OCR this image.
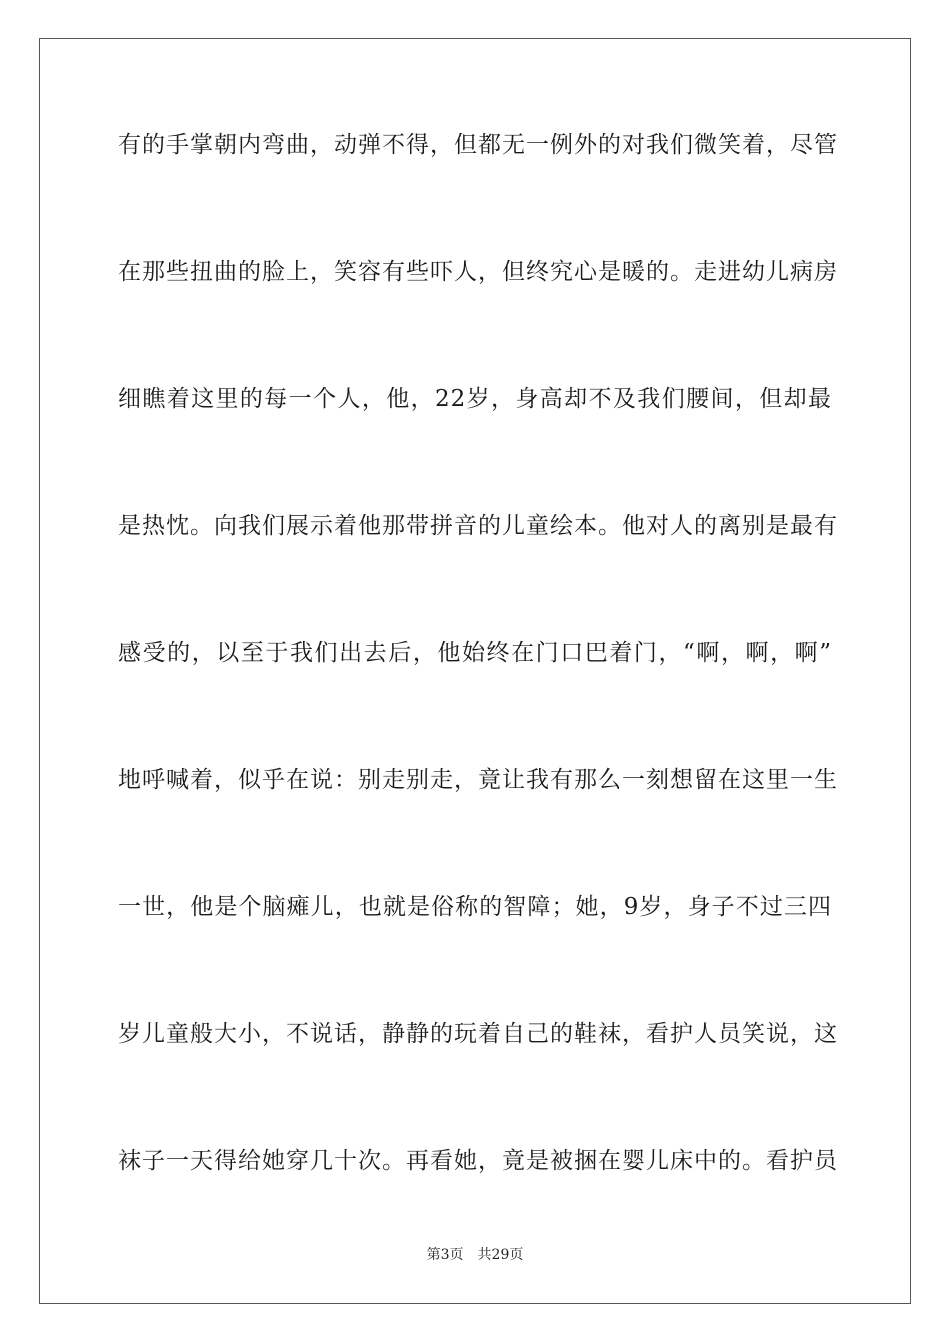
有的手掌朝内弯曲，动弹不得，但都无一例外的对我们微笑着，尽管
在那些扭曲的脸上，笑容有些吓人，但终究心是暖的。走进幼儿病房
细瞧着这里的每一个人，他，22岁，身高却不及我们腰间，但却最
是热忱。向我们展示着他那带拼音的儿童绘本。他对人的离别是最有
感受的，以至于我们出去后，他始终在门口巴着门，“啊，啊，啊”
地呼喊着，似乎在说：别走别走，竟让我有那么一刻想留在这里一生
一世，他是个脑瘫儿，也就是俗称的智障；她，9岁，身子不过三四
岁儿童般大小，不说话，静静的玩着自己的鞋袜，看护人员笑说，这
袜子一天得给她穿几十次。再看她，竟是被捆在婴儿床中的。看护员
第3页 共29页
